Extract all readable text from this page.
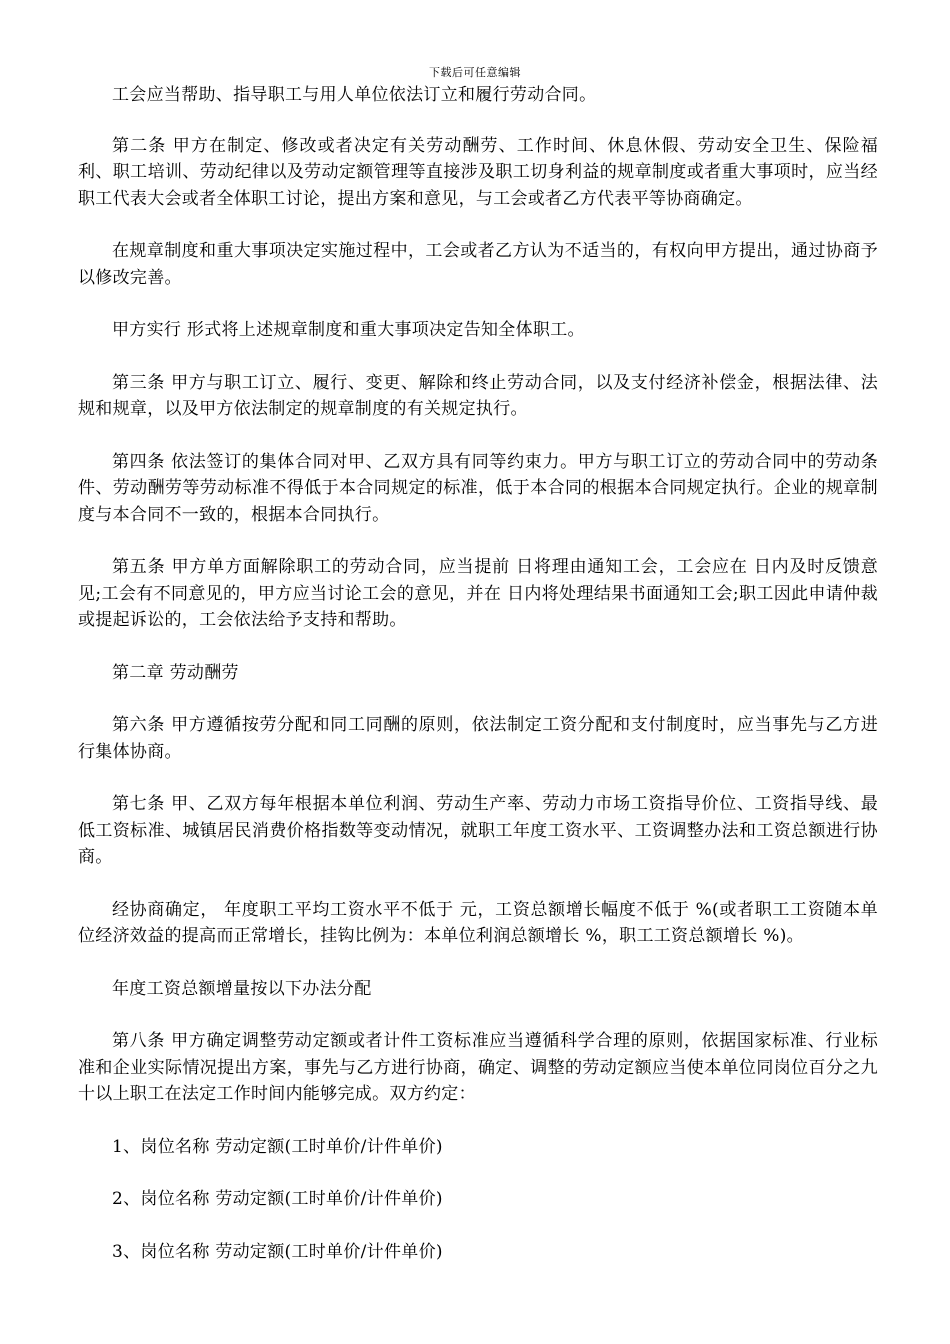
下载后可任意编辑

工会应当帮助、指导职工与用人单位依法订立和履行劳动合同。

第二条 甲方在制定、修改或者决定有关劳动酬劳、工作时间、休息休假、劳动安全卫生、保险福利、职工培训、劳动纪律以及劳动定额管理等直接涉及职工切身利益的规章制度或者重大事项时，应当经职工代表大会或者全体职工讨论，提出方案和意见，与工会或者乙方代表平等协商确定。

在规章制度和重大事项决定实施过程中，工会或者乙方认为不适当的，有权向甲方提出，通过协商予以修改完善。

甲方实行 形式将上述规章制度和重大事项决定告知全体职工。

第三条 甲方与职工订立、履行、变更、解除和终止劳动合同，以及支付经济补偿金，根据法律、法规和规章，以及甲方依法制定的规章制度的有关规定执行。

第四条 依法签订的集体合同对甲、乙双方具有同等约束力。甲方与职工订立的劳动合同中的劳动条件、劳动酬劳等劳动标准不得低于本合同规定的标准，低于本合同的根据本合同规定执行。企业的规章制度与本合同不一致的，根据本合同执行。

第五条 甲方单方面解除职工的劳动合同，应当提前 日将理由通知工会，工会应在 日内及时反馈意见;工会有不同意见的，甲方应当讨论工会的意见，并在 日内将处理结果书面通知工会;职工因此申请仲裁或提起诉讼的，工会依法给予支持和帮助。

第二章 劳动酬劳

第六条 甲方遵循按劳分配和同工同酬的原则，依法制定工资分配和支付制度时，应当事先与乙方进行集体协商。

第七条 甲、乙双方每年根据本单位利润、劳动生产率、劳动力市场工资指导价位、工资指导线、最低工资标准、城镇居民消费价格指数等变动情况，就职工年度工资水平、工资调整办法和工资总额进行协商。

经协商确定， 年度职工平均工资水平不低于 元，工资总额增长幅度不低于 %(或者职工工资随本单位经济效益的提高而正常增长，挂钩比例为：本单位利润总额增长 %，职工工资总额增长 %)。

年度工资总额增量按以下办法分配

第八条 甲方确定调整劳动定额或者计件工资标准应当遵循科学合理的原则，依据国家标准、行业标准和企业实际情况提出方案，事先与乙方进行协商，确定、调整的劳动定额应当使本单位同岗位百分之九十以上职工在法定工作时间内能够完成。双方约定：

1、岗位名称 劳动定额(工时单价/计件单价)

2、岗位名称 劳动定额(工时单价/计件单价)

3、岗位名称 劳动定额(工时单价/计件单价)
